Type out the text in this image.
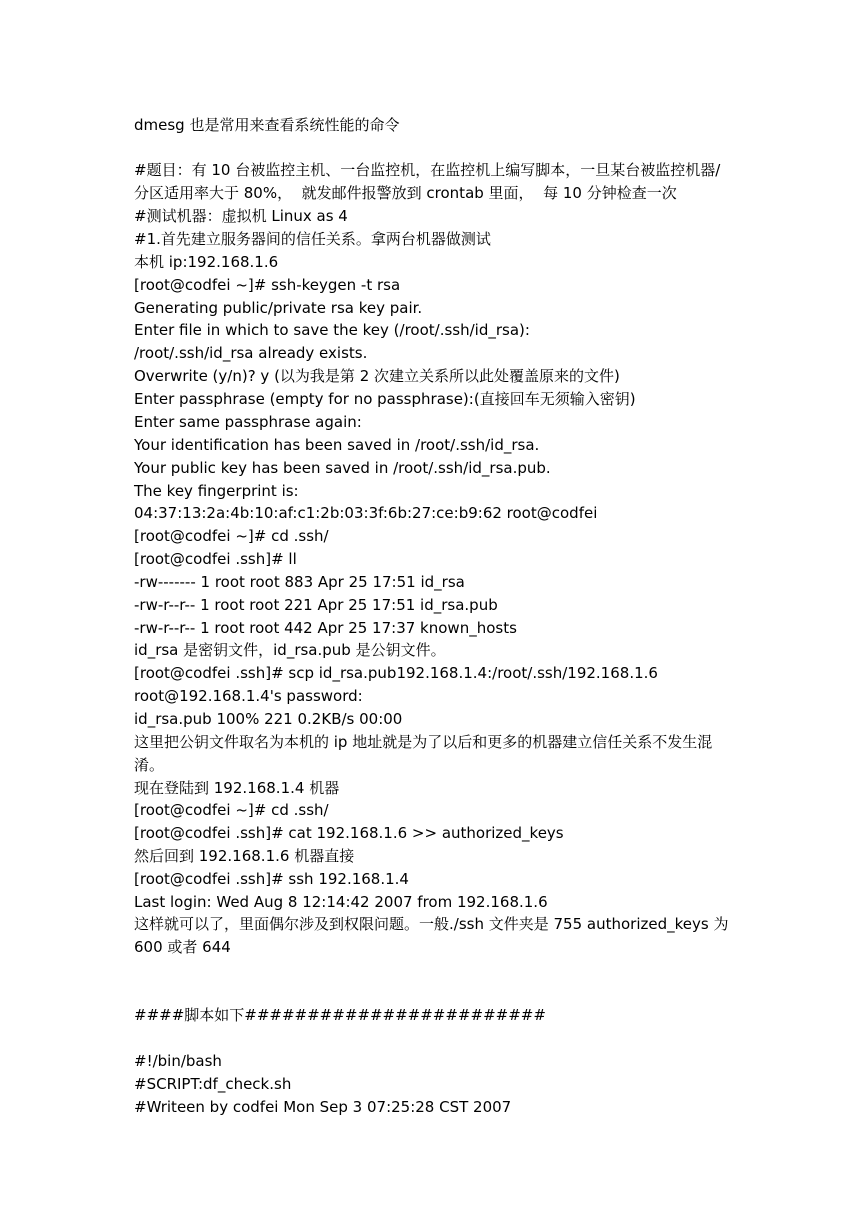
dmesg 也是常用来查看系统性能的命令
#题目：有 10 台被监控主机、一台监控机，在监控机上编写脚本，一旦某台被监控机器/
分区适用率大于 80%，  就发邮件报警放到 crontab 里面，  每 10 分钟检查一次
#测试机器：虚拟机 Linux as 4
#1.首先建立服务器间的信任关系。拿两台机器做测试
本机 ip:192.168.1.6
[root@codfei ~]# ssh-keygen -t rsa
Generating public/private rsa key pair.
Enter file in which to save the key (/root/.ssh/id_rsa):
/root/.ssh/id_rsa already exists.
Overwrite (y/n)? y (以为我是第 2 次建立关系所以此处覆盖原来的文件)
Enter passphrase (empty for no passphrase):(直接回车无须输入密钥)
Enter same passphrase again:
Your identification has been saved in /root/.ssh/id_rsa.
Your public key has been saved in /root/.ssh/id_rsa.pub.
The key fingerprint is:
04:37:13:2a:4b:10:af:c1:2b:03:3f:6b:27:ce:b9:62 root@codfei
[root@codfei ~]# cd .ssh/
[root@codfei .ssh]# ll
-rw------- 1 root root 883 Apr 25 17:51 id_rsa
-rw-r--r-- 1 root root 221 Apr 25 17:51 id_rsa.pub
-rw-r--r-- 1 root root 442 Apr 25 17:37 known_hosts
id_rsa 是密钥文件，id_rsa.pub 是公钥文件。
[root@codfei .ssh]# scp id_rsa.pub192.168.1.4:/root/.ssh/192.168.1.6
root@192.168.1.4's password:
id_rsa.pub 100% 221 0.2KB/s 00:00
这里把公钥文件取名为本机的 ip 地址就是为了以后和更多的机器建立信任关系不发生混
淆。
现在登陆到 192.168.1.4 机器
[root@codfei ~]# cd .ssh/
[root@codfei .ssh]# cat 192.168.1.6 >> authorized_keys
然后回到 192.168.1.6 机器直接
[root@codfei .ssh]# ssh 192.168.1.4
Last login: Wed Aug 8 12:14:42 2007 from 192.168.1.6
这样就可以了，里面偶尔涉及到权限问题。一般./ssh 文件夹是 755 authorized_keys 为
600 或者 644
####脚本如下########################
#!/bin/bash
#SCRIPT:df_check.sh
#Writeen by codfei Mon Sep 3 07:25:28 CST 2007
